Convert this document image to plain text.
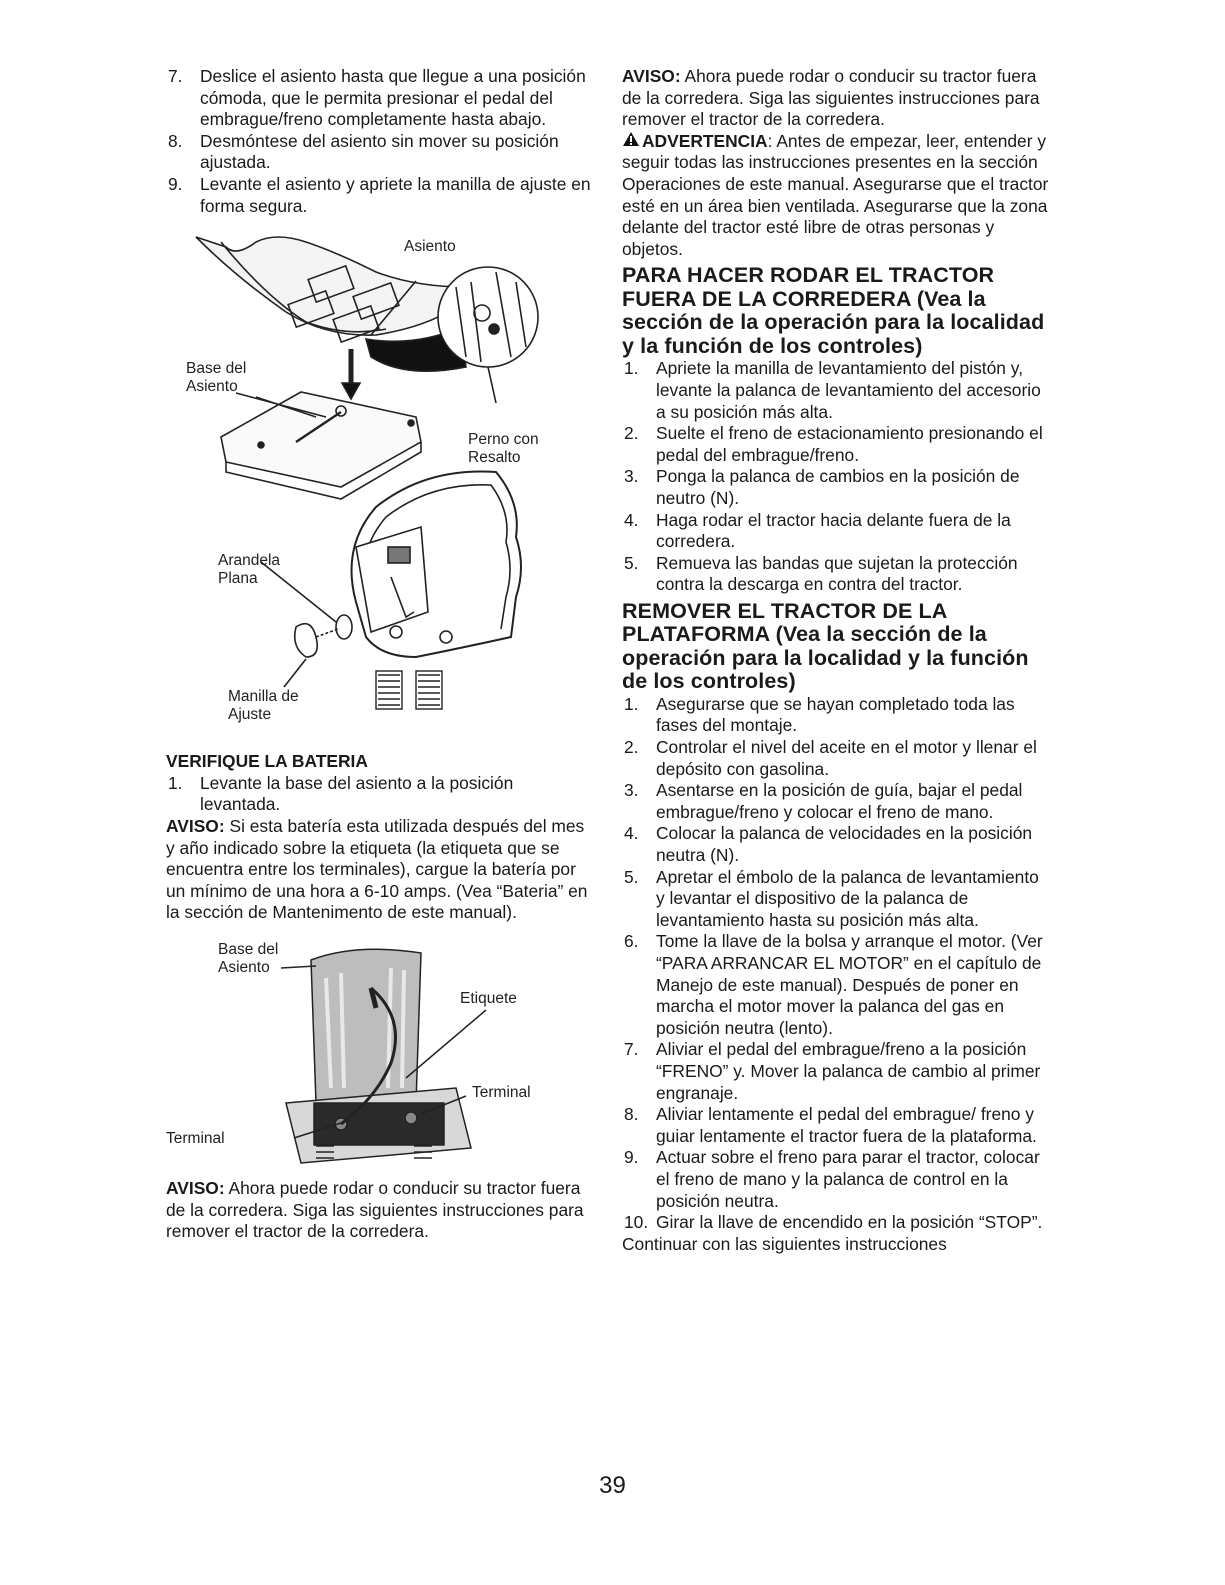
7. Deslice el asiento hasta que llegue a una posición cómoda, que le permita presionar el pedal del embrague/freno completamente hasta abajo.
8. Desmóntese del asiento sin mover su posición ajustada.
9. Levante el asiento y apriete la manilla de ajuste en forma segura.
Asiento
Base del
Asiento
Perno con
Resalto
Arandela
Plana
Manilla de
Ajuste
VERIFIQUE LA BATERIA
1. Levante la base del asiento a la posición levantada.

AVISO: Si esta batería esta utilizada después del mes y año indicado sobre la etiqueta (la etiqueta que se encuentra entre los terminales), cargue la batería por un mínimo de una hora a 6-10 amps. (Vea “Bateria” en la sección de Mantenimento de este manual).

Base del
Asiento
Etiquete
Terminal
Terminal

AVISO: Ahora puede rodar o conducir su tractor fuera de la corredera. Siga las siguientes instrucciones para remover el tractor de la corredera.

AVISO: Ahora puede rodar o conducir su tractor fuera de la corredera. Siga las siguientes instrucciones para remover el tractor de la corredera.

ADVERTENCIA: Antes de empezar, leer, entender y seguir todas las instrucciones presentes en la sección Operaciones de este manual. Asegurarse que el tractor esté en un área bien ventilada. Asegurarse que la zona delante del tractor esté libre de otras personas y objetos.

PARA HACER RODAR EL TRACTOR FUERA DE LA CORREDERA (Vea la sección de la operación para la localidad y la función de los controles)
1. Apriete la manilla de levantamiento del pistón y, levante la palanca de levantamiento del accesorio a su posición más alta.
2. Suelte el freno de estacionamiento presionando el pedal del embrague/freno.
3. Ponga la palanca de cambios en la posición de neutro (N).
4. Haga rodar el tractor hacia delante fuera de la corredera.
5. Remueva las bandas que sujetan la protección contra la descarga en contra del tractor.
REMOVER EL TRACTOR DE LA PLATAFORMA (Vea la sección de la operación para la localidad y la función de los controles)
1. Asegurarse que se hayan completado toda las fases del montaje.
2. Controlar el nivel del aceite en el motor y llenar el depósito con gasolina.
3. Asentarse en la posición de guía, bajar el pedal embrague/freno y colocar el freno de mano.
4. Colocar la palanca de velocidades en la posición neutra (N).
5. Apretar el émbolo de la palanca de levantamiento y levantar el dispositivo de la palanca de levantamiento hasta su posición más alta.
6. Tome la llave de la bolsa y arranque el motor. (Ver “PARA ARRANCAR EL MOTOR” en el capítulo de Manejo de este manual). Después de poner en marcha el motor mover la palanca del gas en posición neutra (lento).
7. Aliviar el pedal del embrague/freno a la posición “FRENO” y. Mover la palanca de cambio al primer engranaje.
8. Aliviar lentamente el pedal del embrague/ freno y guiar lentamente el tractor fuera de la plataforma.
9. Actuar sobre el freno para parar el tractor, colocar el freno de mano y la palanca de control en la posición neutra.
10. Girar la llave de encendido en la posición “STOP”.

Continuar con las siguientes instrucciones

39
